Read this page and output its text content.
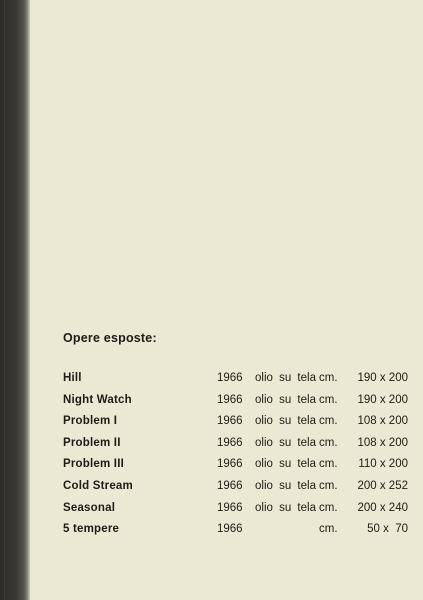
Opere esposte:
Hill	1966 olio su tela cm. 190 x 200
Night Watch	1966 olio su tela cm. 190 x 200
Problem I	1966 olio su tela cm. 108 x 200
Problem II	1966 olio su tela cm. 108 x 200
Problem III	1966 olio su tela cm. 110 x 200
Cold Stream	1966 olio su tela cm. 200 x 252
Seasonal	1966 olio su tela cm. 200 x 240
5 tempere	1966	cm.	50 x  70
